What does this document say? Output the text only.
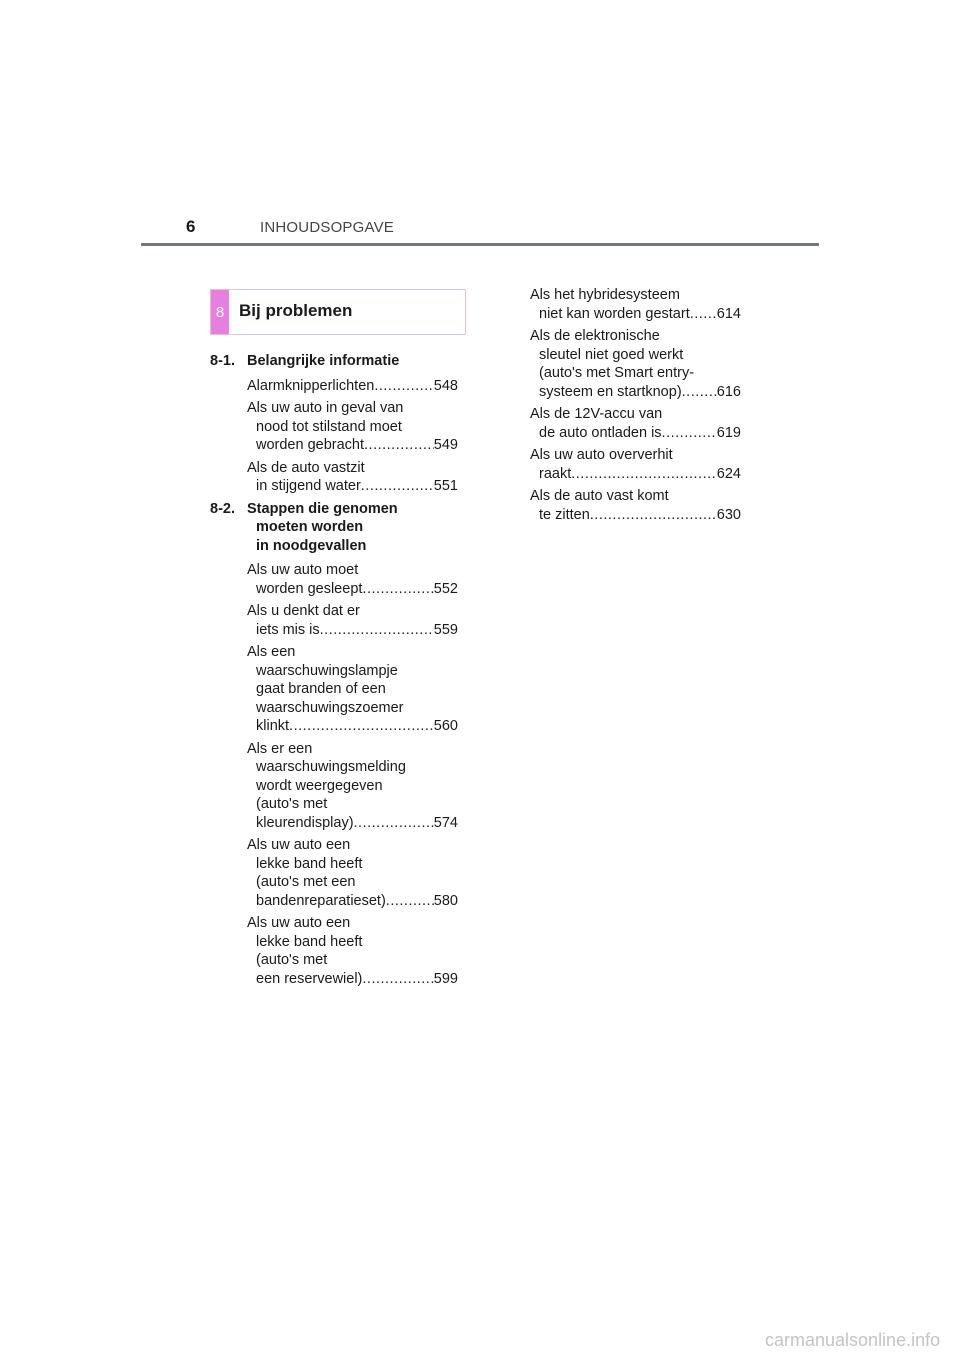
6	INHOUDSOPGAVE
8 Bij problemen
8-1. Belangrijke informatie
Alarmknipperlichten .....	548
Als uw auto in geval van
nood tot stilstand moet
worden gebracht .....	549
Als de auto vastzit
in stijgend water .....	551
8-2. Stappen die genomen
moeten worden
in noodgevallen
Als uw auto moet
worden gesleept .....	552
Als u denkt dat er
iets mis is .....	559
Als een
waarschuwingslampje
gaat branden of een
waarschuwingszoemer
klinkt .....	560
Als er een
waarschuwingsmelding
wordt weergegeven
(auto's met
kleurendisplay) .....	574
Als uw auto een
lekke band heeft
(auto's met een
bandenreparatieset) .....	580
Als uw auto een
lekke band heeft
(auto's met
een reservewiel) .....	599
Als het hybridesysteem
niet kan worden gestart ..... 614
Als de elektronische
sleutel niet goed werkt
(auto's met Smart entry-
systeem en startknop) ..... 616
Als de 12V-accu van
de auto ontladen is .....	619
Als uw auto oververhit
raakt .....	624
Als de auto vast komt
te zitten .....	630
carmanualsonline.info
